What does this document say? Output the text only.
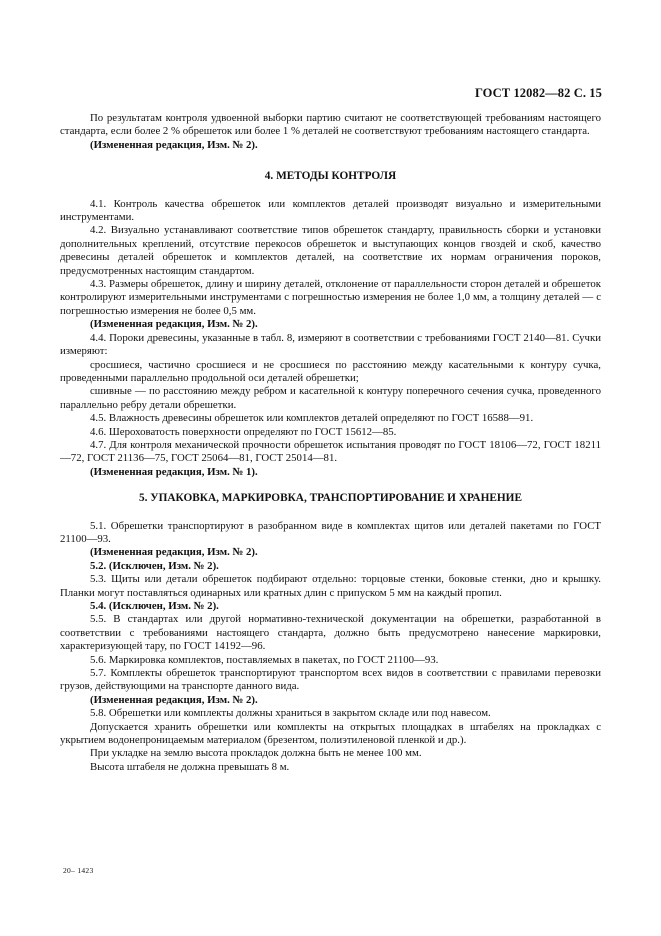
ГОСТ 12082—82 С. 15

По результатам контроля удвоенной выборки партию считают не соответствующей требованиям настоящего стандарта, если более 2 % обрешеток или более 1 % деталей не соответствуют требованиям настоящего стандарта.

(Измененная редакция, Изм. № 2).

4. МЕТОДЫ КОНТРОЛЯ

4.1. Контроль качества обрешеток или комплектов деталей производят визуально и измерительными инструментами.

4.2. Визуально устанавливают соответствие типов обрешеток стандарту, правильность сборки и установки дополнительных креплений, отсутствие перекосов обрешеток и выступающих концов гвоздей и скоб, качество древесины деталей обрешеток и комплектов деталей, на соответствие их нормам ограничения пороков, предусмотренных настоящим стандартом.

4.3. Размеры обрешеток, длину и ширину деталей, отклонение от параллельности сторон деталей и обрешеток контролируют измерительными инструментами с погрешностью измерения не более 1,0 мм, а толщину деталей — с погрешностью измерения не более 0,5 мм.

(Измененная редакция, Изм. № 2).

4.4. Пороки древесины, указанные в табл. 8, измеряют в соответствии с требованиями ГОСТ 2140—81. Сучки измеряют:

сросшиеся, частично сросшиеся и не сросшиеся по расстоянию между касательными к контуру сучка, проведенными параллельно продольной оси деталей обрешетки;

сшивные — по расстоянию между ребром и касательной к контуру поперечного сечения сучка, проведенного параллельно ребру детали обрешетки.

4.5. Влажность древесины обрешеток или комплектов деталей определяют по ГОСТ 16588—91.

4.6. Шероховатость поверхности определяют по ГОСТ 15612—85.

4.7. Для контроля механической прочности обрешеток испытания проводят по ГОСТ 18106—72, ГОСТ 18211—72, ГОСТ 21136—75, ГОСТ 25064—81, ГОСТ 25014—81.

(Измененная редакция, Изм. № 1).

5. УПАКОВКА, МАРКИРОВКА, ТРАНСПОРТИРОВАНИЕ И ХРАНЕНИЕ

5.1. Обрешетки транспортируют в разобранном виде в комплектах щитов или деталей пакетами по ГОСТ 21100—93.

(Измененная редакция, Изм. № 2).

5.2. (Исключен, Изм. № 2).

5.3. Щиты или детали обрешеток подбирают отдельно: торцовые стенки, боковые стенки, дно и крышку. Планки могут поставляться одинарных или кратных длин с припуском 5 мм на каждый пропил.

5.4. (Исключен, Изм. № 2).

5.5. В стандартах или другой нормативно-технической документации на обрешетки, разработанной в соответствии с требованиями настоящего стандарта, должно быть предусмотрено нанесение маркировки, характеризующей тару, по ГОСТ 14192—96.

5.6. Маркировка комплектов, поставляемых в пакетах, по ГОСТ 21100—93.

5.7. Комплекты обрешеток транспортируют транспортом всех видов в соответствии с правилами перевозки грузов, действующими на транспорте данного вида.

(Измененная редакция, Изм. № 2).

5.8. Обрешетки или комплекты должны храниться в закрытом складе или под навесом.

Допускается хранить обрешетки или комплекты на открытых площадках в штабелях на прокладках с укрытием водонепроницаемым материалом (брезентом, полиэтиленовой пленкой и др.).

При укладке на землю высота прокладок должна быть не менее 100 мм.

Высота штабеля не должна превышать 8 м.

20– 1423
